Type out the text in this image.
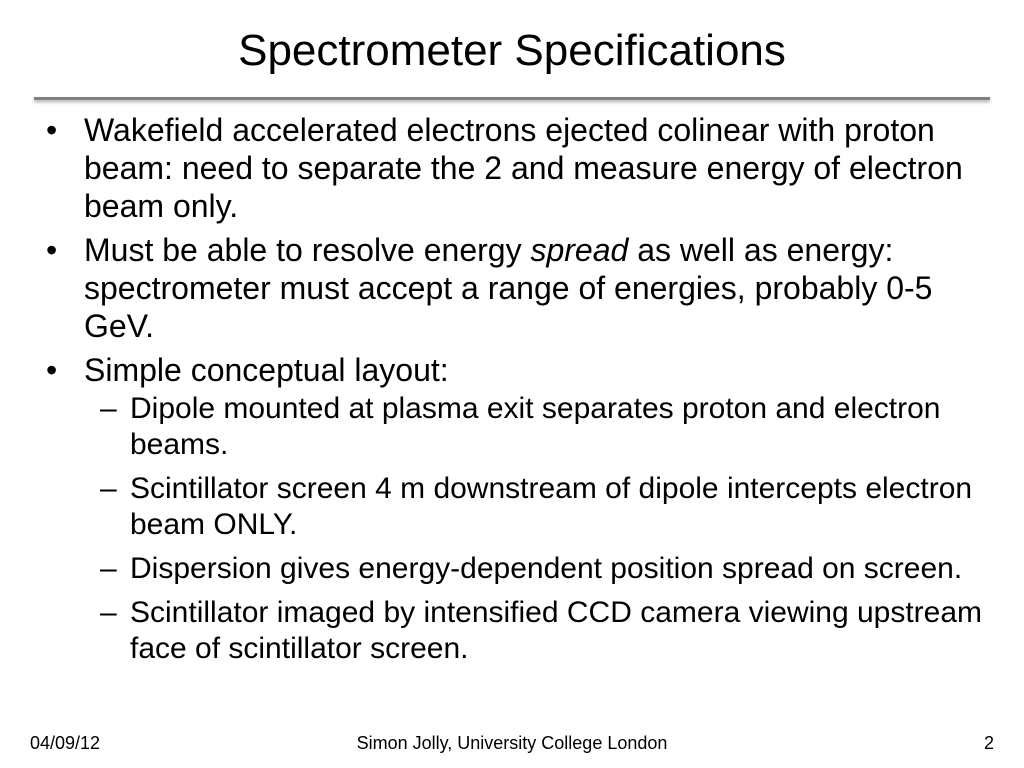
Spectrometer Specifications
• Wakefield accelerated electrons ejected colinear with proton beam: need to separate the 2 and measure energy of electron beam only.
• Must be able to resolve energy spread as well as energy: spectrometer must accept a range of energies, probably 0-5 GeV.
• Simple conceptual layout:
– Dipole mounted at plasma exit separates proton and electron beams.
– Scintillator screen 4 m downstream of dipole intercepts electron beam ONLY.
– Dispersion gives energy-dependent position spread on screen.
– Scintillator imaged by intensified CCD camera viewing upstream face of scintillator screen.
04/09/12	Simon Jolly, University College London	2
